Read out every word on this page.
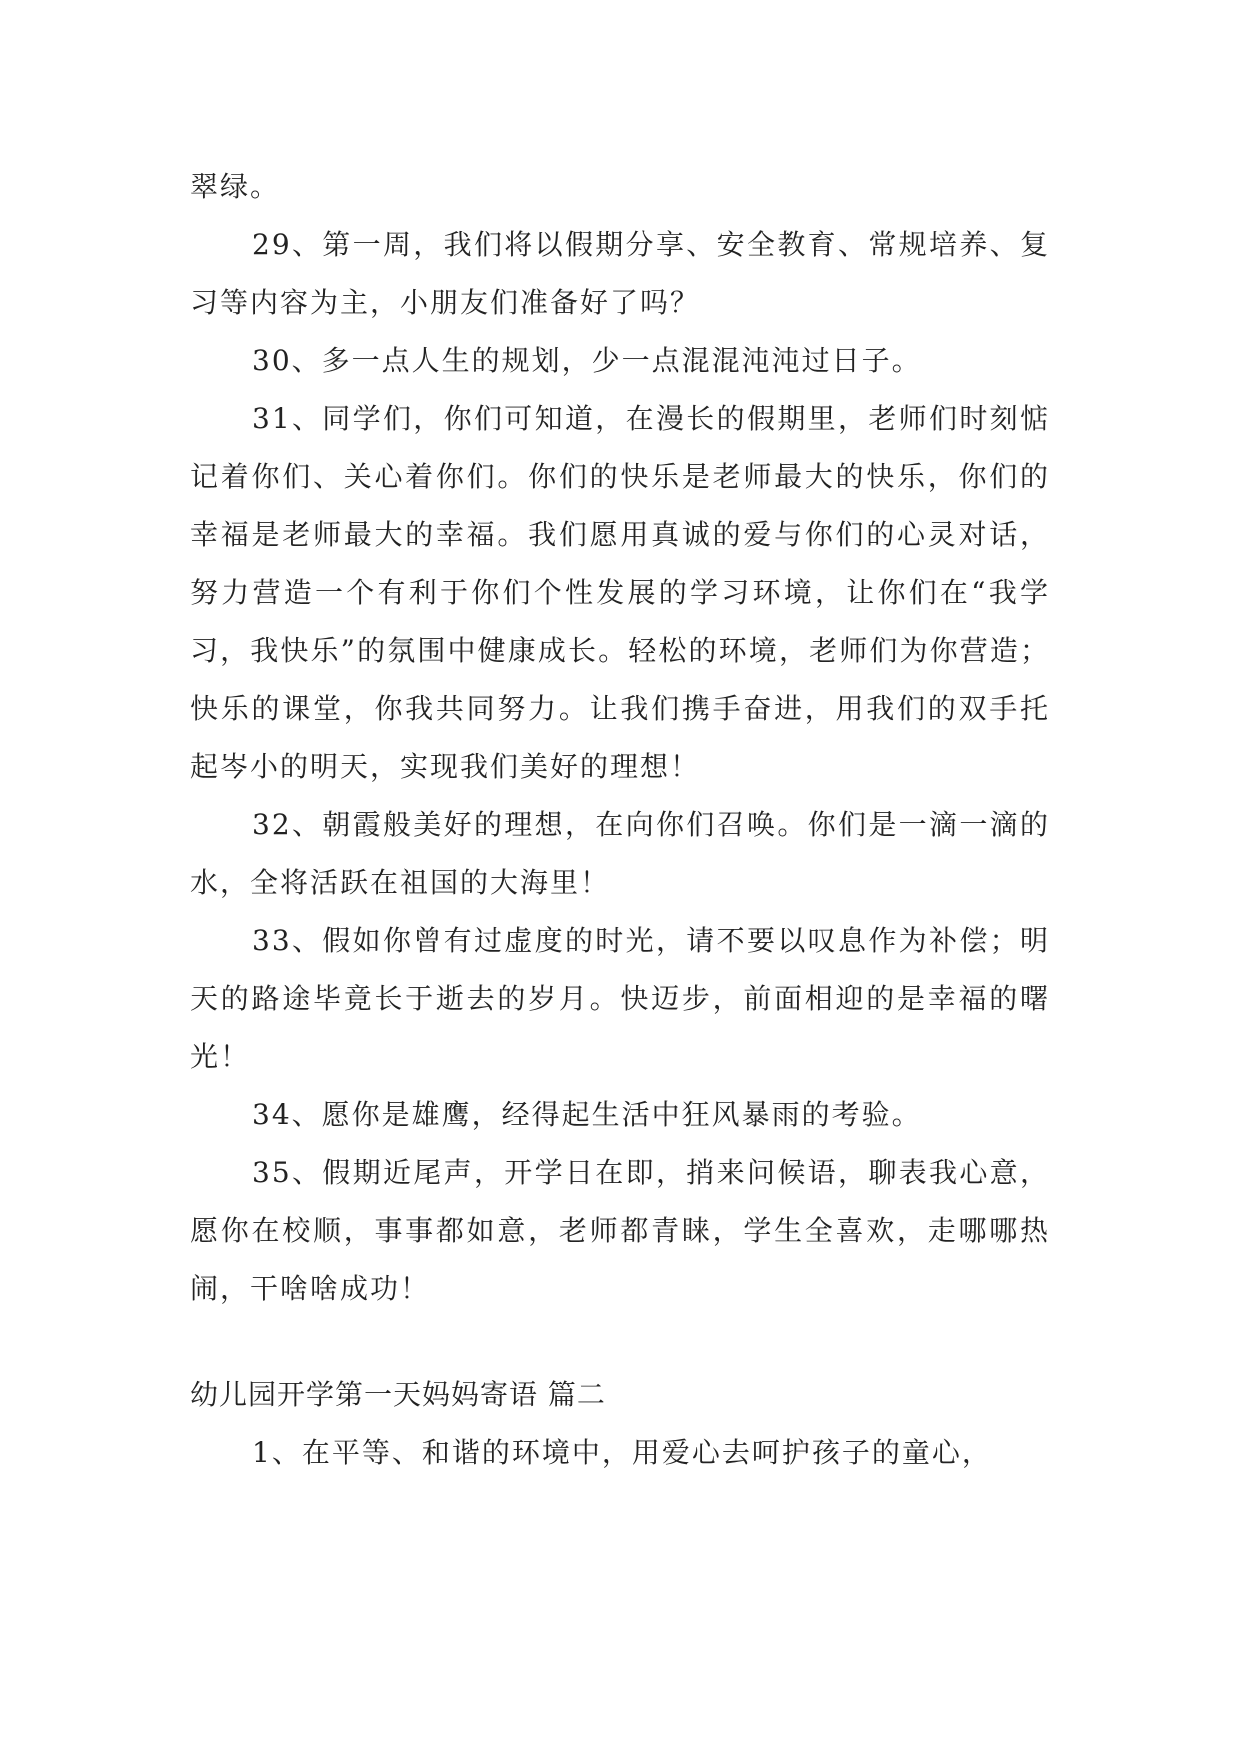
翠绿。

29、第一周，我们将以假期分享、安全教育、常规培养、复习等内容为主，小朋友们准备好了吗？

30、多一点人生的规划，少一点混混沌沌过日子。

31、同学们，你们可知道，在漫长的假期里，老师们时刻惦记着你们、关心着你们。你们的快乐是老师最大的快乐，你们的幸福是老师最大的幸福。我们愿用真诚的爱与你们的心灵对话，努力营造一个有利于你们个性发展的学习环境，让你们在“我学习，我快乐”的氛围中健康成长。轻松的环境，老师们为你营造；快乐的课堂，你我共同努力。让我们携手奋进，用我们的双手托起岑小的明天，实现我们美好的理想！

32、朝霞般美好的理想，在向你们召唤。你们是一滴一滴的水，全将活跃在祖国的大海里！

33、假如你曾有过虚度的时光，请不要以叹息作为补偿；明天的路途毕竟长于逝去的岁月。快迈步，前面相迎的是幸福的曙光！

34、愿你是雄鹰，经得起生活中狂风暴雨的考验。

35、假期近尾声，开学日在即，捎来问候语，聊表我心意，愿你在校顺，事事都如意，老师都青睐，学生全喜欢，走哪哪热闹，干啥啥成功！

幼儿园开学第一天妈妈寄语 篇二

1、在平等、和谐的环境中，用爱心去呵护孩子的童心，
